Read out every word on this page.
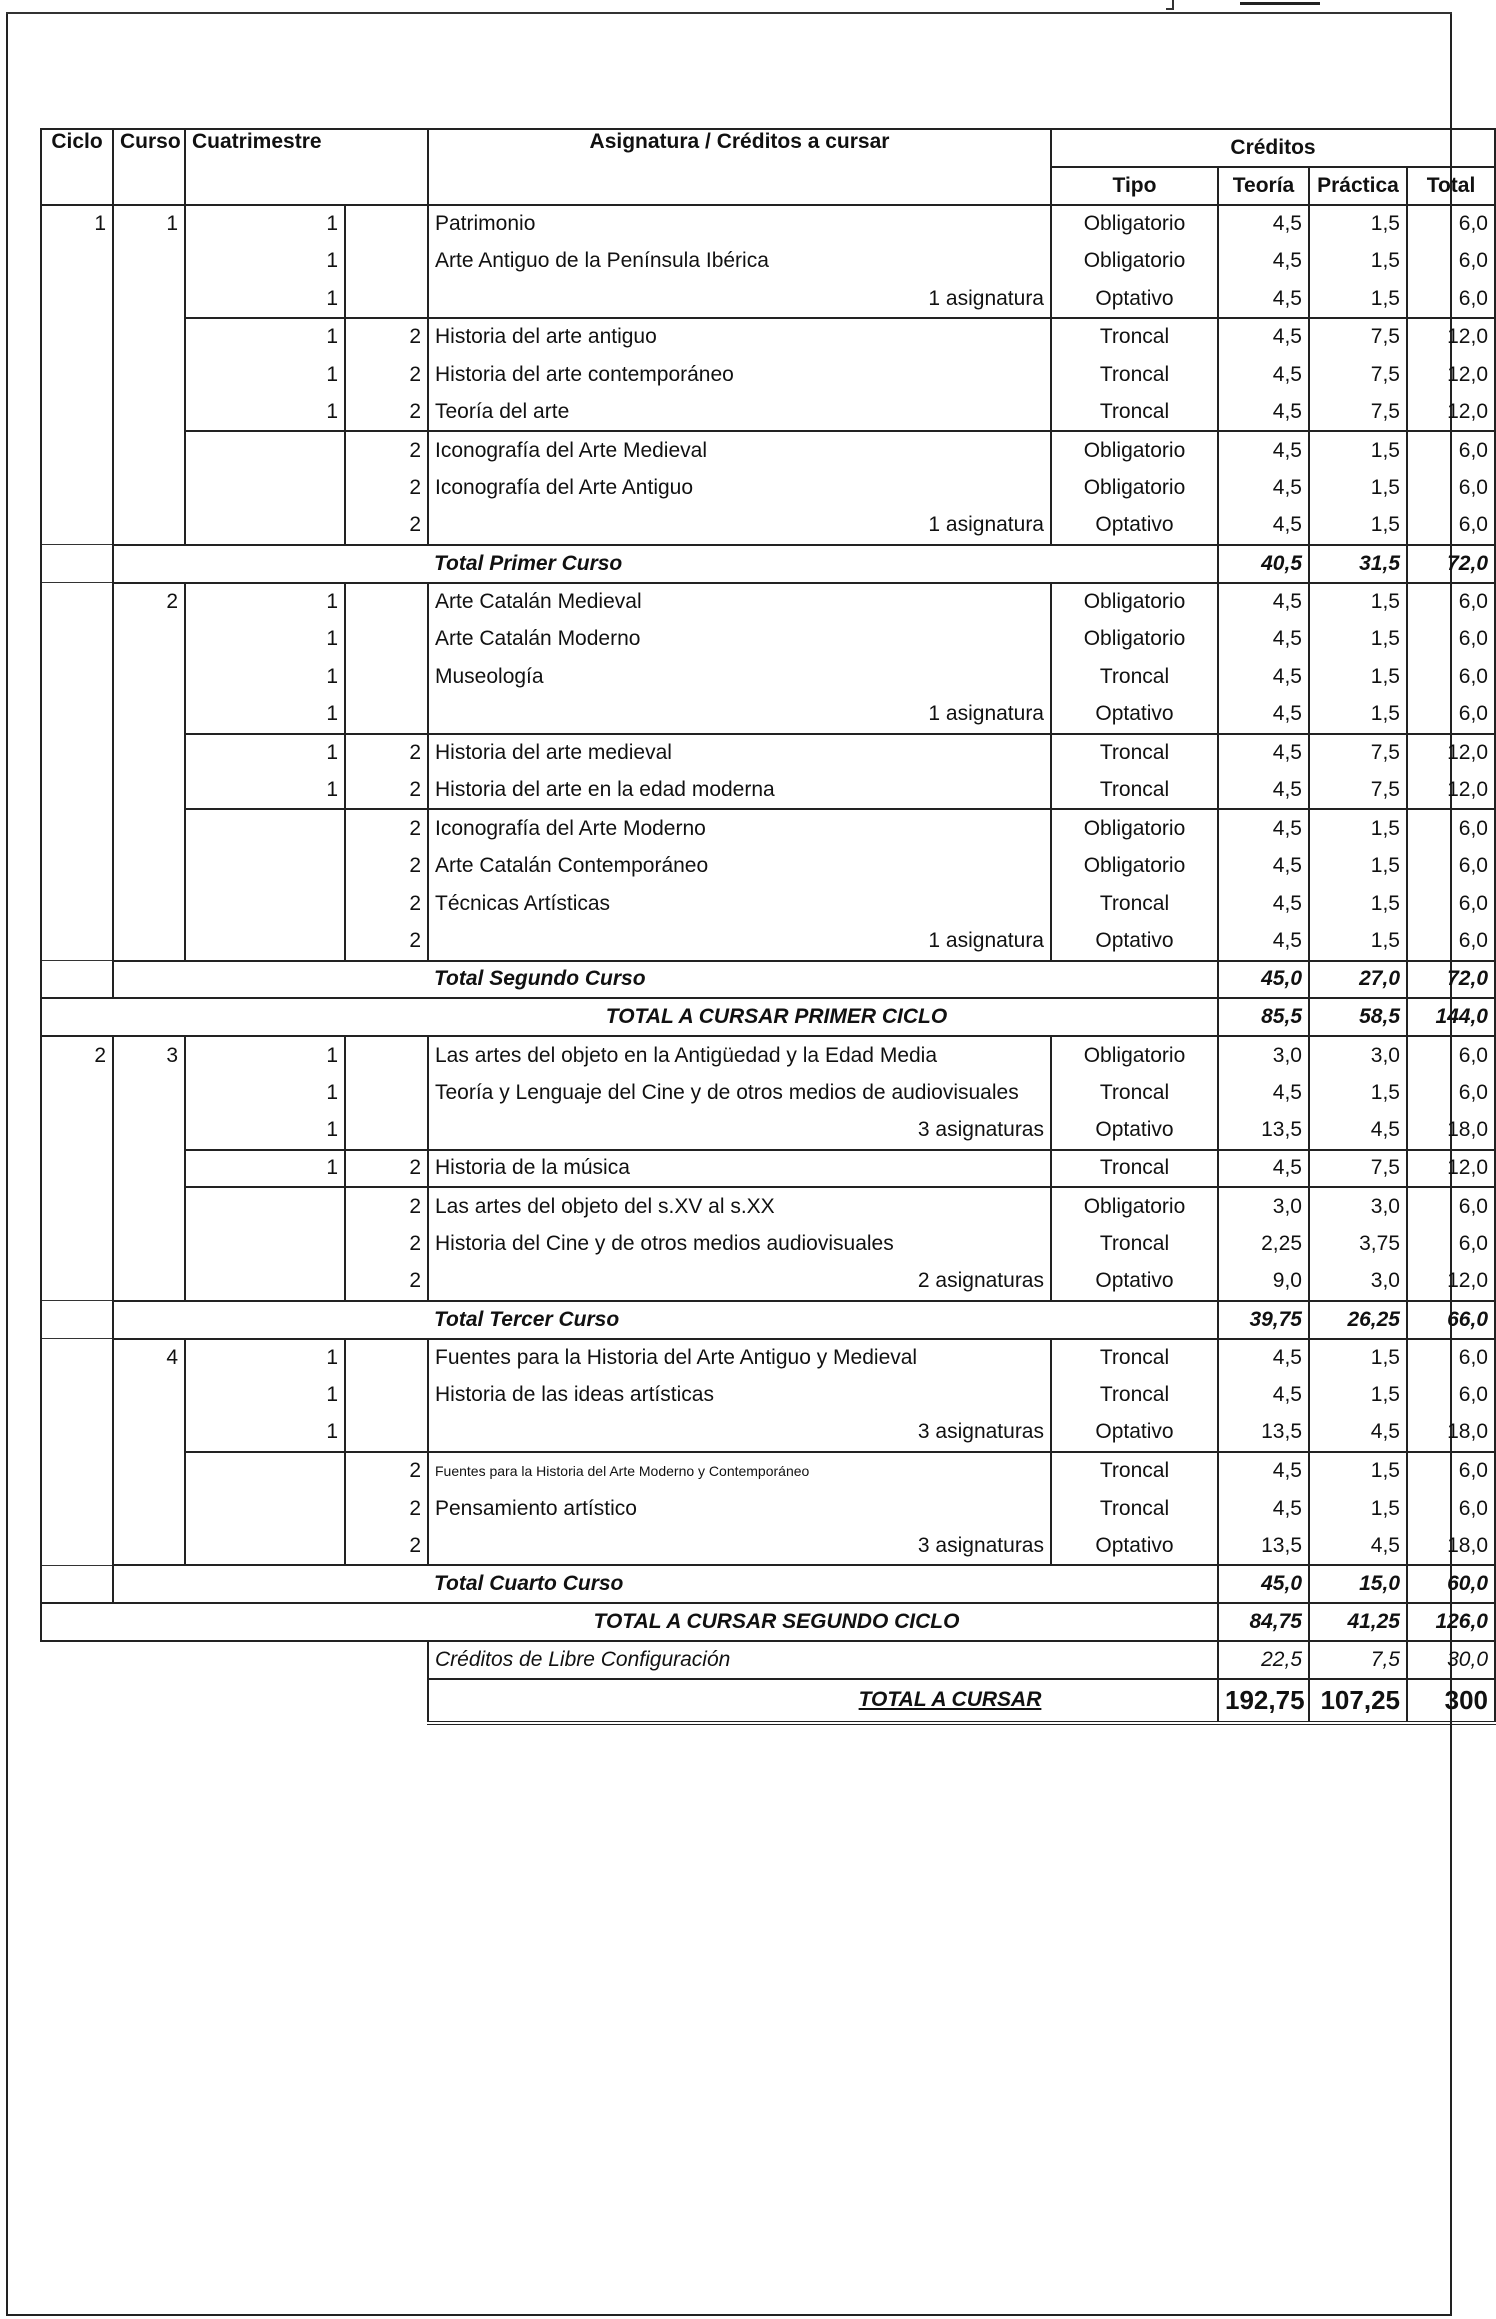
Ciclo	Curso	Cuatrimestre		Asignatura / Créditos a cursar	Créditos			
					Tipo	Teoría	Práctica	Total
1	1	1		Patrimonio	Obligatorio	4,5	1,5	6,0
		1		Arte Antiguo de la Península Ibérica	Obligatorio	4,5	1,5	6,0
		1		1 asignatura	Optativo	4,5	1,5	6,0
		1	2	Historia del arte antiguo	Troncal	4,5	7,5	12,0
		1	2	Historia del arte contemporáneo	Troncal	4,5	7,5	12,0
		1	2	Teoría del arte	Troncal	4,5	7,5	12,0
			2	Iconografía del Arte Medieval	Obligatorio	4,5	1,5	6,0
			2	Iconografía del Arte Antiguo	Obligatorio	4,5	1,5	6,0
			2	1 asignatura	Optativo	4,5	1,5	6,0
				Total Primer Curso		40,5	31,5	72,0
	2	1		Arte Catalán Medieval	Obligatorio	4,5	1,5	6,0
		1		Arte Catalán Moderno	Obligatorio	4,5	1,5	6,0
		1		Museología	Troncal	4,5	1,5	6,0
		1		1 asignatura	Optativo	4,5	1,5	6,0
		1	2	Historia del arte medieval	Troncal	4,5	7,5	12,0
		1	2	Historia del arte en la edad moderna	Troncal	4,5	7,5	12,0
			2	Iconografía del Arte Moderno	Obligatorio	4,5	1,5	6,0
			2	Arte Catalán Contemporáneo	Obligatorio	4,5	1,5	6,0
			2	Técnicas Artísticas	Troncal	4,5	1,5	6,0
			2	1 asignatura	Optativo	4,5	1,5	6,0
				Total Segundo Curso		45,0	27,0	72,0
TOTAL A CURSAR PRIMER CICLO						85,5	58,5	144,0
2	3	1		Las artes del objeto en la Antigüedad y la Edad Media	Obligatorio	3,0	3,0	6,0
		1		Teoría y Lenguaje del Cine y de otros medios de audiovisuales	Troncal	4,5	1,5	6,0
		1		3 asignaturas	Optativo	13,5	4,5	18,0
		1	2	Historia de la música	Troncal	4,5	7,5	12,0
			2	Las artes del objeto del s.XV al s.XX	Obligatorio	3,0	3,0	6,0
			2	Historia del Cine y de otros medios audiovisuales	Troncal	2,25	3,75	6,0
			2	2 asignaturas	Optativo	9,0	3,0	12,0
				Total Tercer Curso		39,75	26,25	66,0
	4	1		Fuentes para la Historia del Arte Antiguo y Medieval	Troncal	4,5	1,5	6,0
		1		Historia de las ideas artísticas	Troncal	4,5	1,5	6,0
		1		3 asignaturas	Optativo	13,5	4,5	18,0
			2	Fuentes para la Historia del Arte Moderno y Contemporáneo	Troncal	4,5	1,5	6,0
			2	Pensamiento artístico	Troncal	4,5	1,5	6,0
			2	3 asignaturas	Optativo	13,5	4,5	18,0
				Total Cuarto Curso		45,0	15,0	60,0
TOTAL A CURSAR SEGUNDO CICLO						84,75	41,25	126,0
				Créditos de Libre Configuración		22,5	7,5	30,0
				TOTAL A CURSAR		192,75	107,25	300
